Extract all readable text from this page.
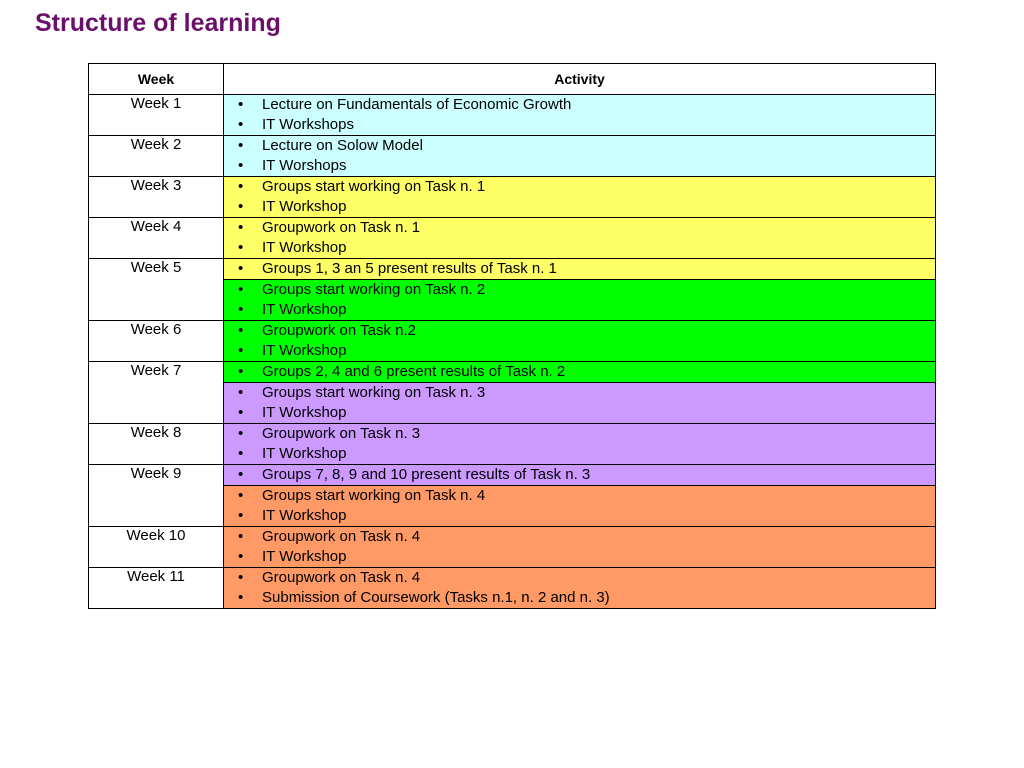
Structure of learning
Week	Activity
Week 1	• Lecture on Fundamentals of Economic Growth
• IT Workshops

Week 2	• Lecture on Solow Model
• IT Worshops

Week 3	• Groups start working on Task n. 1
• IT Workshop

Week 4	• Groupwork on Task n. 1
• IT Workshop

Week 5	• Groups 1, 3 an 5 present results of Task n. 1

	• Groups start working on Task n. 2
• IT Workshop

Week 6	• Groupwork on Task n.2
• IT Workshop

Week 7	• Groups 2, 4 and 6 present results of Task n. 2

	• Groups start working on Task n. 3
• IT Workshop

Week 8	• Groupwork on Task n. 3
• IT Workshop

Week 9	• Groups 7, 8, 9 and 10 present results of Task n. 3

	• Groups start working on Task n. 4
• IT Workshop

Week 10	• Groupwork on Task n. 4
• IT Workshop

Week 11	• Groupwork on Task n. 4
• Submission of Coursework (Tasks n.1, n. 2 and n. 3)
